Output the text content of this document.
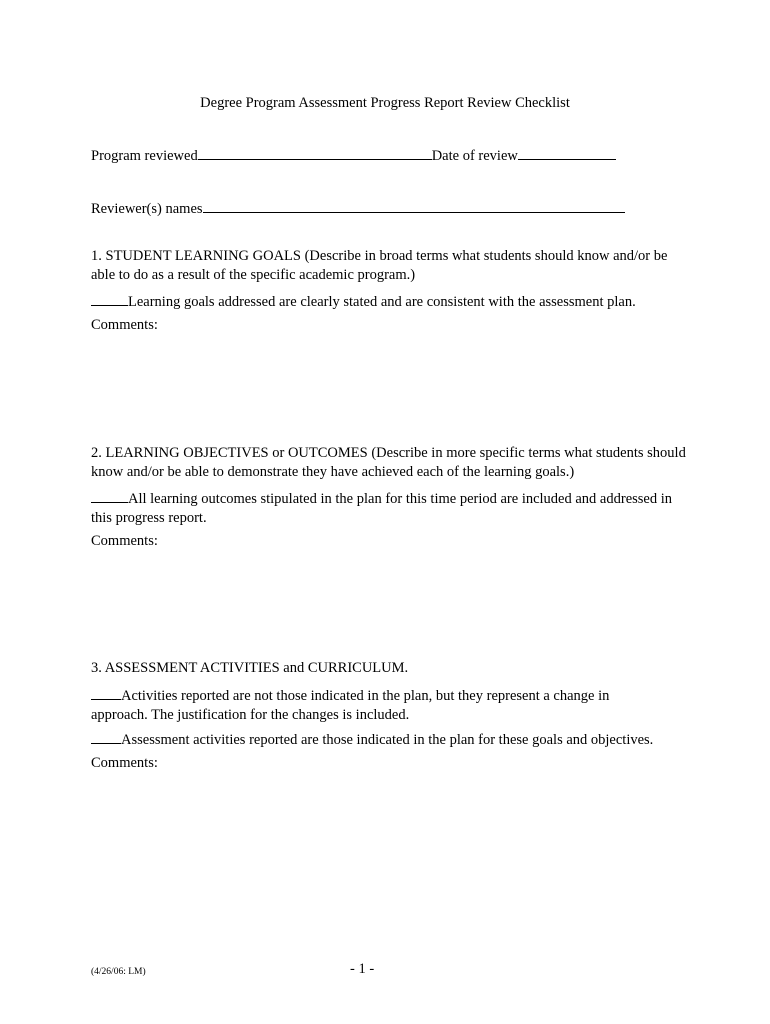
Degree Program Assessment Progress Report Review Checklist
Program reviewed	Date of review
Reviewer(s) names
1. STUDENT LEARNING GOALS (Describe in broad terms what students should know and/or be able to do as a result of the specific academic program.)
Learning goals addressed are clearly stated and are consistent with the assessment plan.
Comments:
2. LEARNING OBJECTIVES or OUTCOMES (Describe in more specific terms what students should know and/or be able to demonstrate they have achieved each of the learning goals.)
All learning outcomes stipulated in the plan for this time period are included and addressed in this progress report.
Comments:
3. ASSESSMENT ACTIVITIES and CURRICULUM.
Activities reported are not those indicated in the plan, but they represent a change in approach. The justification for the changes is included.
Assessment activities reported are those indicated in the plan for these goals and objectives.
Comments:
(4/26/06: LM)	- 1 -
